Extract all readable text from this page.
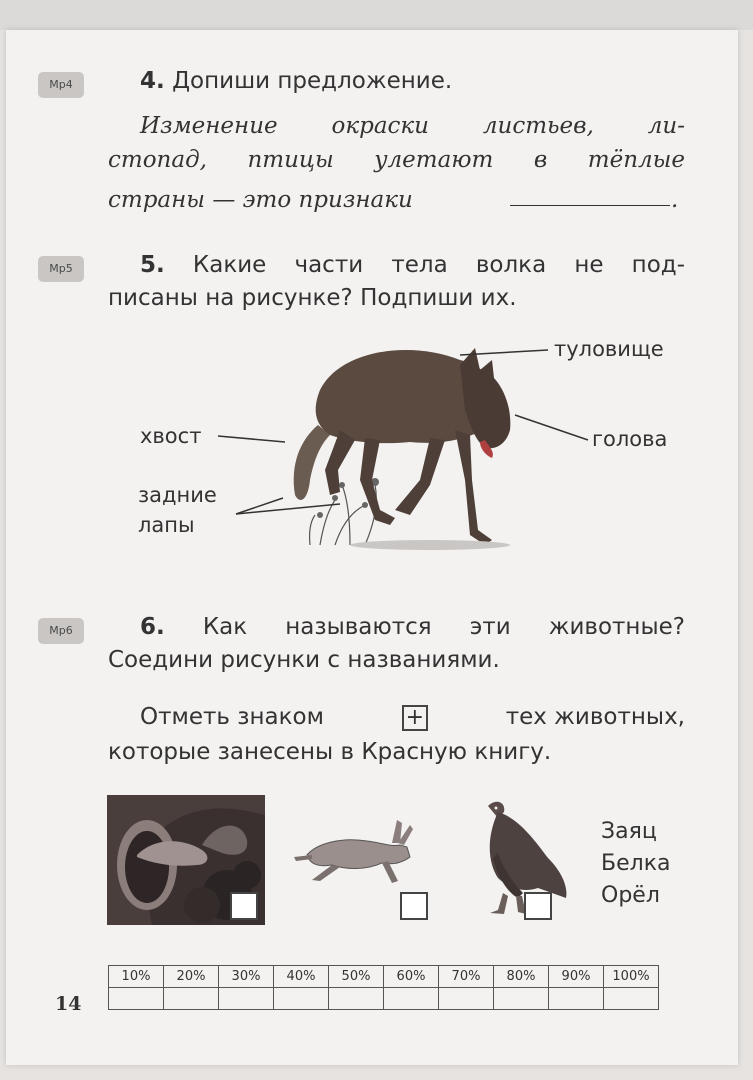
Мр4	4. Допиши предложение.
Изменение окраски листьев, ли-
стопад, птицы улетают в тёплые
страны — это признаки	.
Мр5	5. Какие части тела волка не под-
писаны на рисунке? Подпиши их.
туловище
хвост	голова
задние
лапы
Мр6	6. Как называются эти животные?
Соедини рисунки с названиями.
Отметь знаком	+	тех животных,
которые занесены в Красную книгу.
Заяц
Белка
Орёл
10%	20%	30%	40%	50%	60%	70%	80%	90%	100%

14
